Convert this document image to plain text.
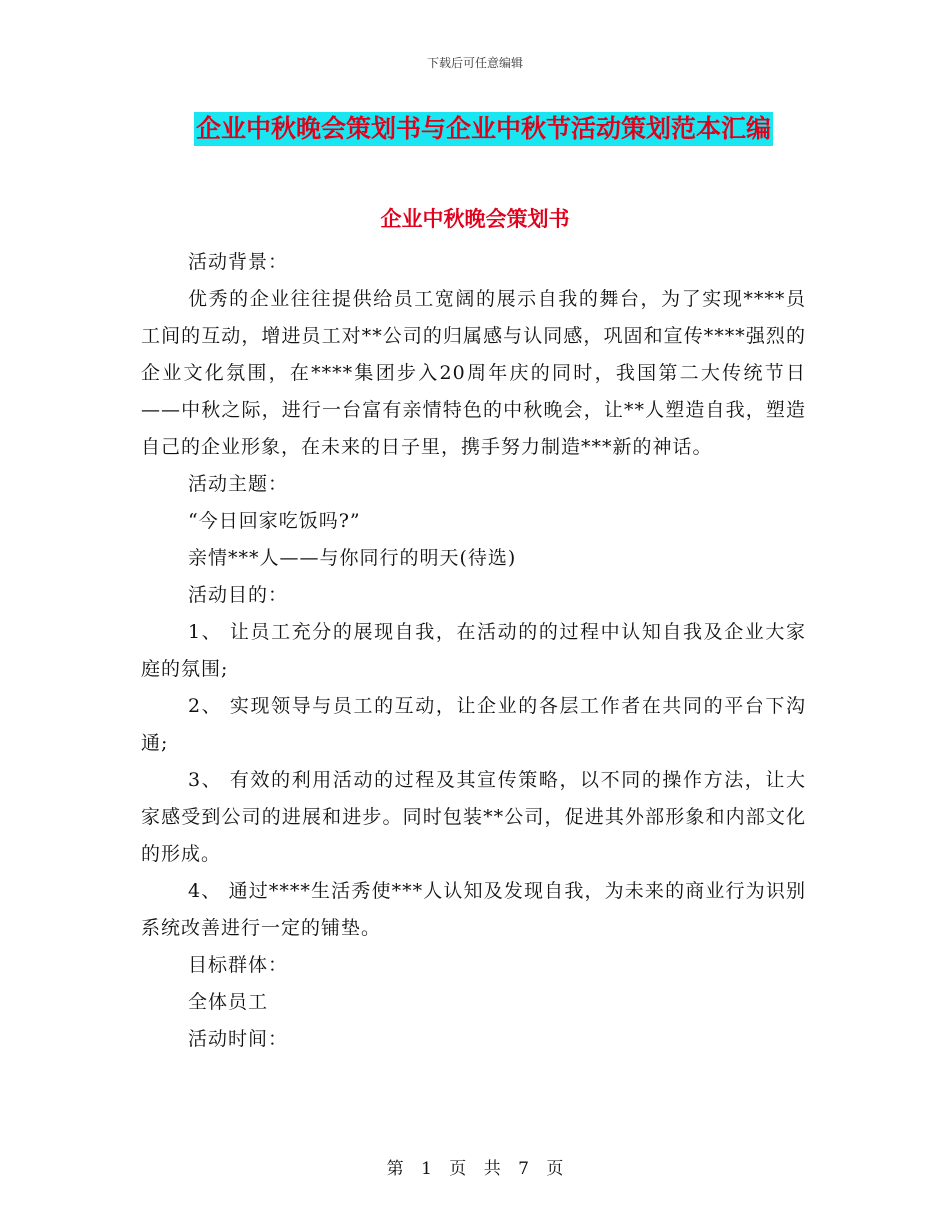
下载后可任意编辑
企业中秋晚会策划书与企业中秋节活动策划范本汇编
企业中秋晚会策划书

活动背景：

优秀的企业往往提供给员工宽阔的展示自我的舞台，为了实现****员工间的互动，增进员工对**公司的归属感与认同感，巩固和宣传****强烈的企业文化氛围，在****集团步入20周年庆的同时，我国第二大传统节日——中秋之际，进行一台富有亲情特色的中秋晚会，让**人塑造自我，塑造自己的企业形象，在未来的日子里，携手努力制造***新的神话。

活动主题：

“今日回家吃饭吗?”

亲情***人——与你同行的明天(待选)

活动目的：

1、 让员工充分的展现自我，在活动的的过程中认知自我及企业大家庭的氛围;

2、 实现领导与员工的互动，让企业的各层工作者在共同的平台下沟通;

3、 有效的利用活动的过程及其宣传策略，以不同的操作方法，让大家感受到公司的进展和进步。同时包装**公司，促进其外部形象和内部文化的形成。

4、 通过****生活秀使***人认知及发现自我，为未来的商业行为识别系统改善进行一定的铺垫。

目标群体：

全体员工

活动时间：

第 1 页 共 7 页
